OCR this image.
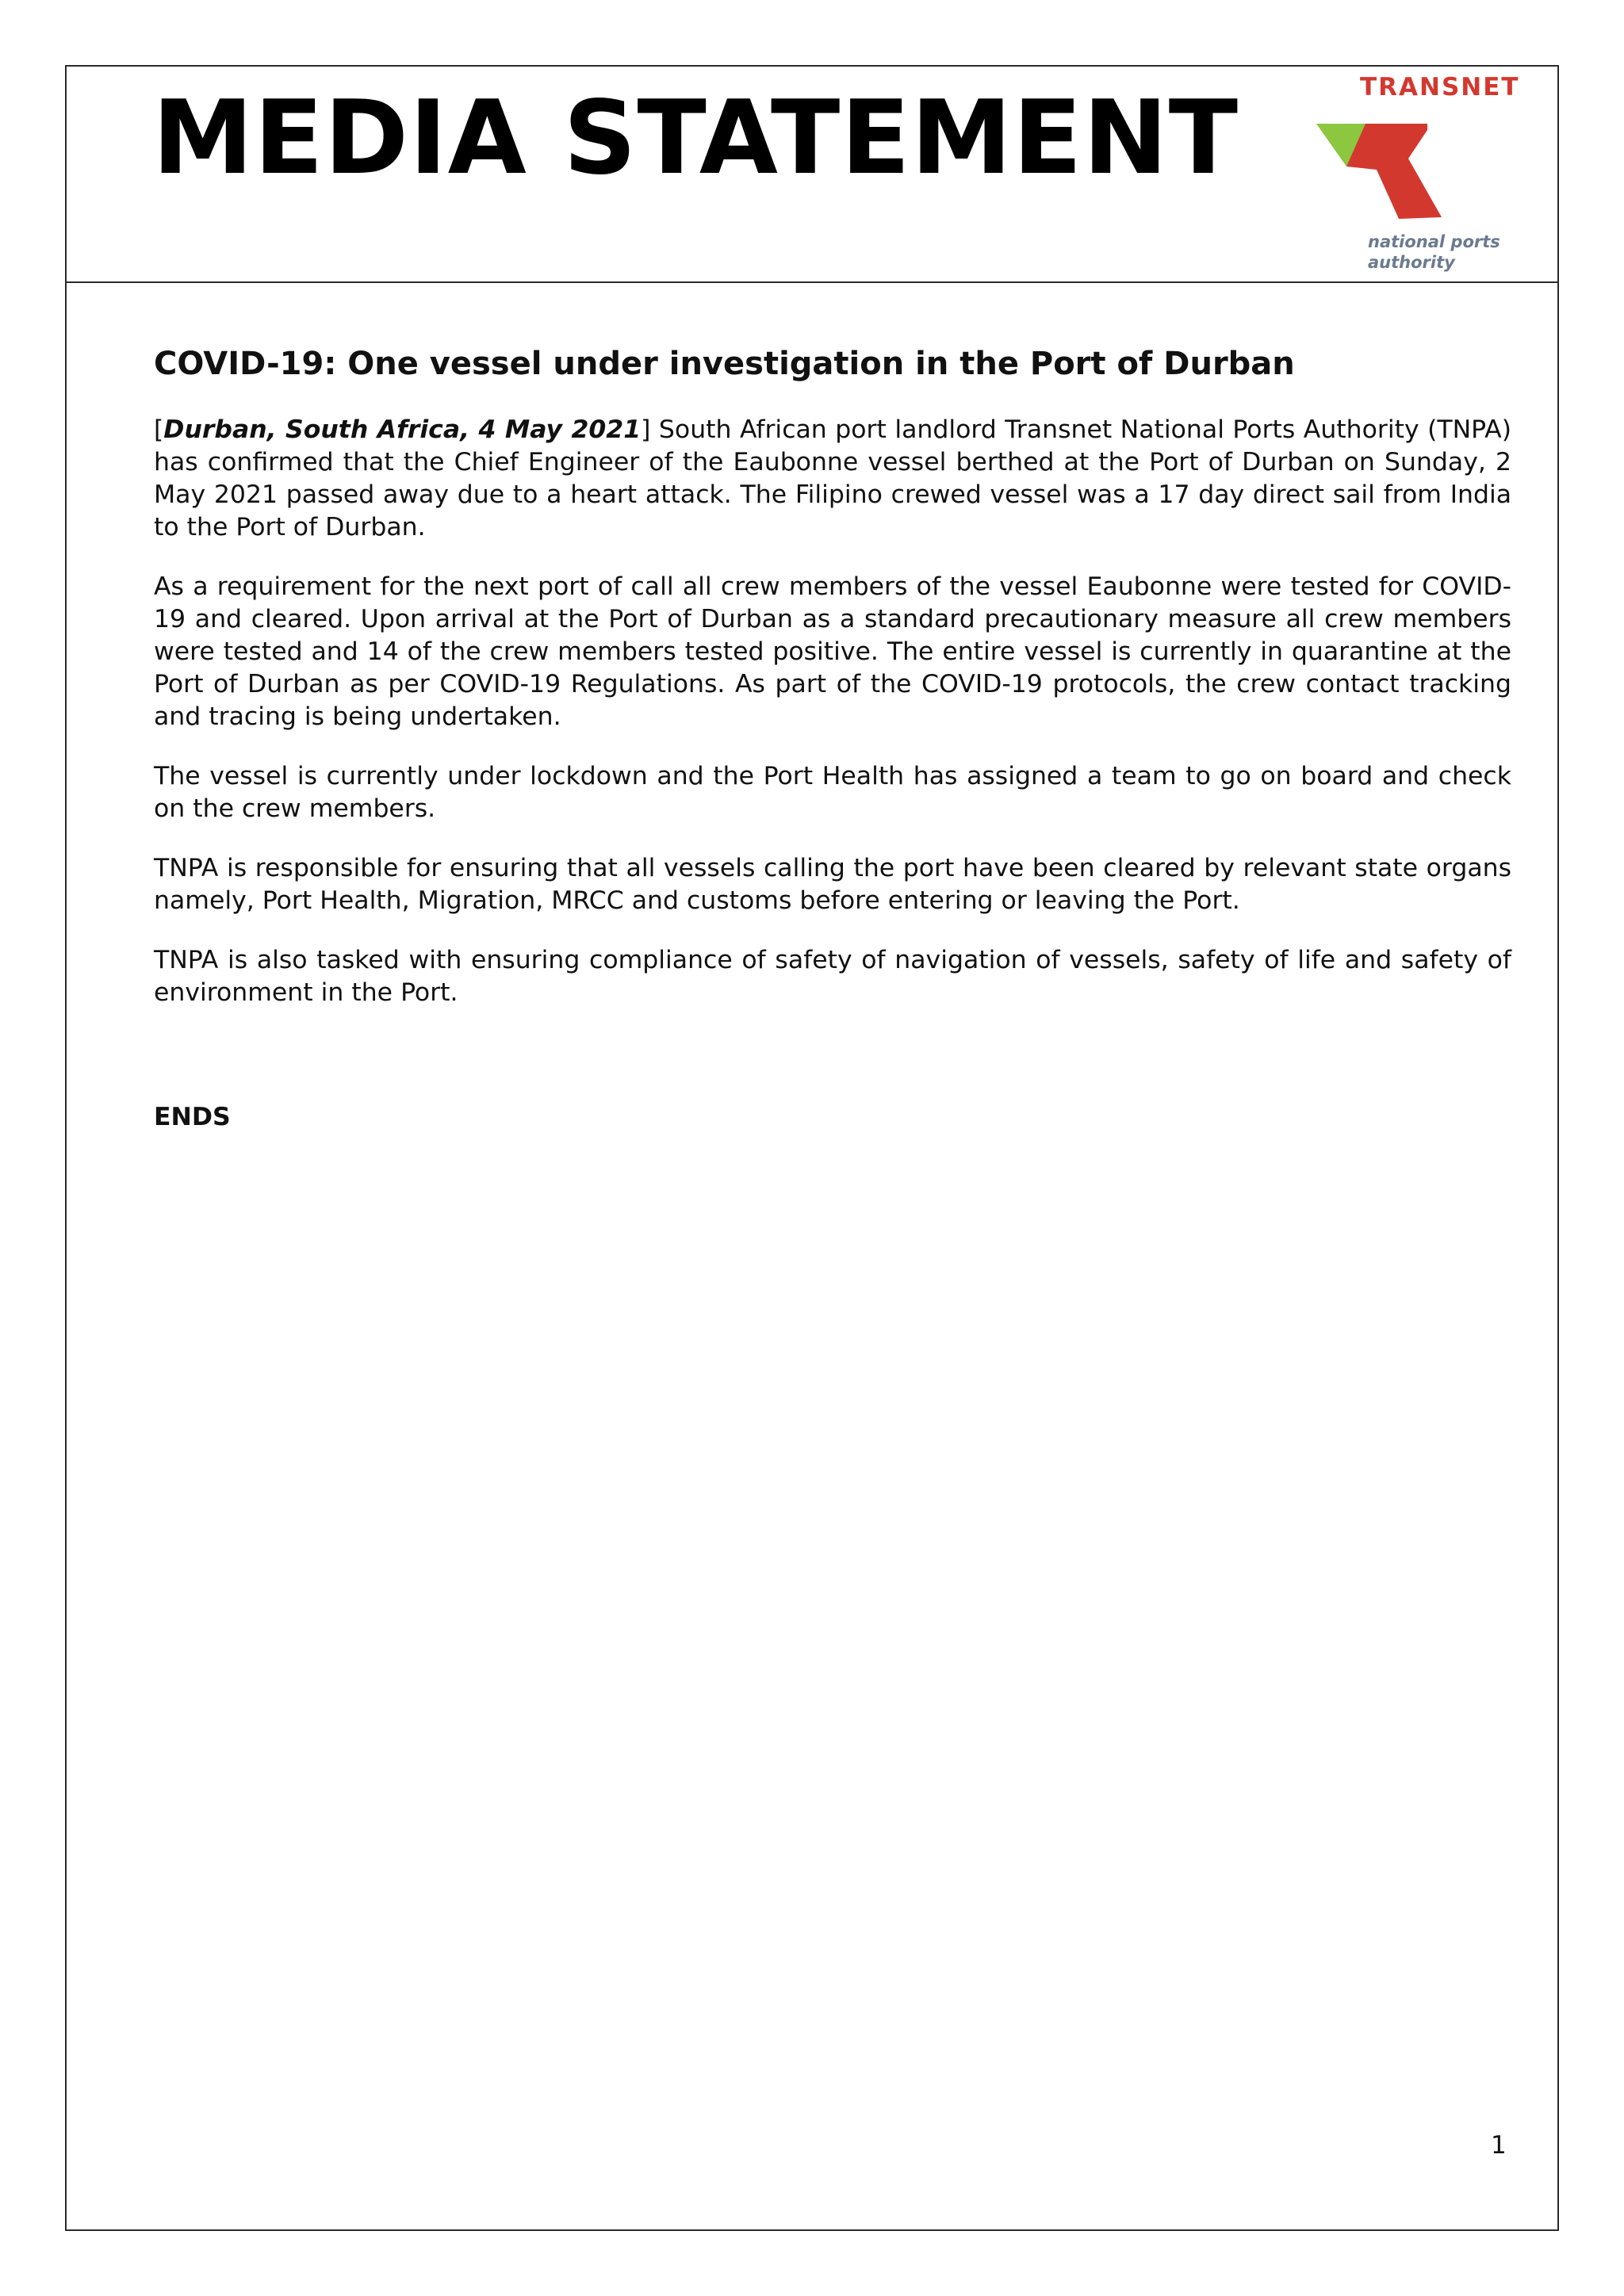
MEDIA STATEMENT	TRANSNET
national ports
authority
COVID-19: One vessel under investigation in the Port of Durban

[Durban, South Africa, 4 May 2021] South African port landlord Transnet National Ports Authority (TNPA) has confirmed that the Chief Engineer of the Eaubonne vessel berthed at the Port of Durban on Sunday, 2 May 2021 passed away due to a heart attack. The Filipino crewed vessel was a 17 day direct sail from India to the Port of Durban.

As a requirement for the next port of call all crew members of the vessel Eaubonne were tested for COVID-19 and cleared. Upon arrival at the Port of Durban as a standard precautionary measure all crew members were tested and 14 of the crew members tested positive. The entire vessel is currently in quarantine at the Port of Durban as per COVID-19 Regulations. As part of the COVID-19 protocols, the crew contact tracking and tracing is being undertaken.

The vessel is currently under lockdown and the Port Health has assigned a team to go on board and check on the crew members.

TNPA is responsible for ensuring that all vessels calling the port have been cleared by relevant state organs namely, Port Health, Migration, MRCC and customs before entering or leaving the Port.

TNPA is also tasked with ensuring compliance of safety of navigation of vessels, safety of life and safety of environment in the Port.

ENDS

1
